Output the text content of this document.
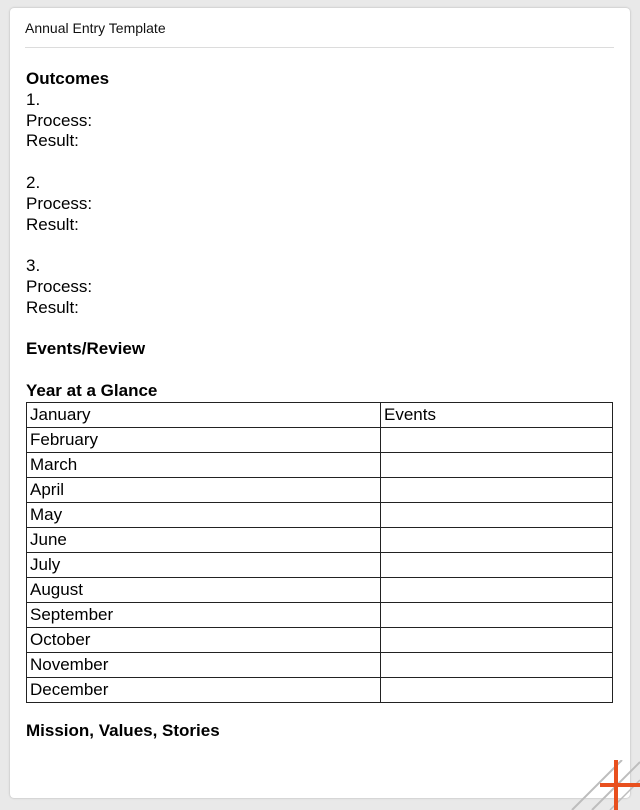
Annual Entry Template
Outcomes
1.
Process:
Result:
2.
Process:
Result:
3.
Process:
Result:
Events/Review
Year at a Glance
January	Events
February	
March	
April	
May	
June	
July	
August	
September	
October	
November	
December	
Mission, Values, Stories
